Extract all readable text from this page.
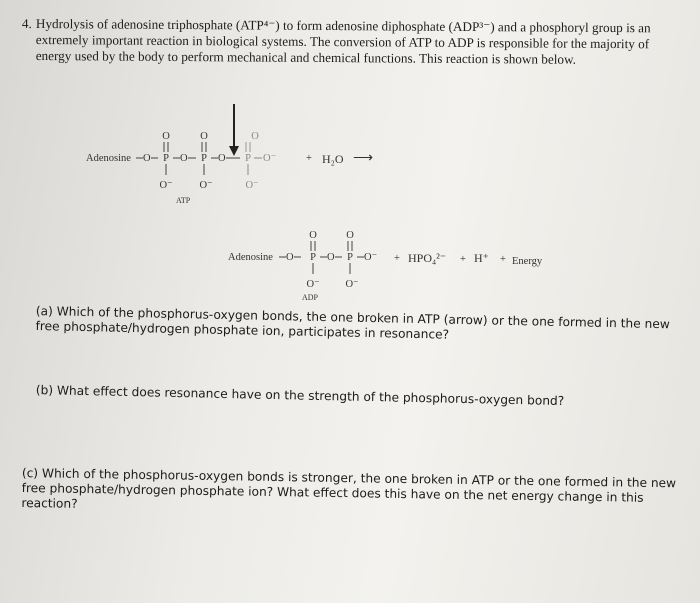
4. Hydrolysis of adenosine triphosphate (ATP⁴⁻) to form adenosine diphosphate (ADP³⁻) and a phosphoryl group is an extremely important reaction in biological systems. The conversion of ATP to ADP is responsible for the majority of energy used by the body to perform mechanical and chemical functions. This reaction is shown below.
Adenosine O P O P O P O⁻
O	O	O
O⁻	O⁻	O⁻
+ H₂O ⟶
ATP
Adenosine O P O P O⁻
O	O
O⁻ O⁻
+ HPO₄²⁻ + H⁺ + Energy
ADP
(a) Which of the phosphorus-oxygen bonds, the one broken in ATP (arrow) or the one formed in the new free phosphate/hydrogen phosphate ion, participates in resonance?
(b) What effect does resonance have on the strength of the phosphorus-oxygen bond?
(c) Which of the phosphorus-oxygen bonds is stronger, the one broken in ATP or the one formed in the new free phosphate/hydrogen phosphate ion? What effect does this have on the net energy change in this reaction?
